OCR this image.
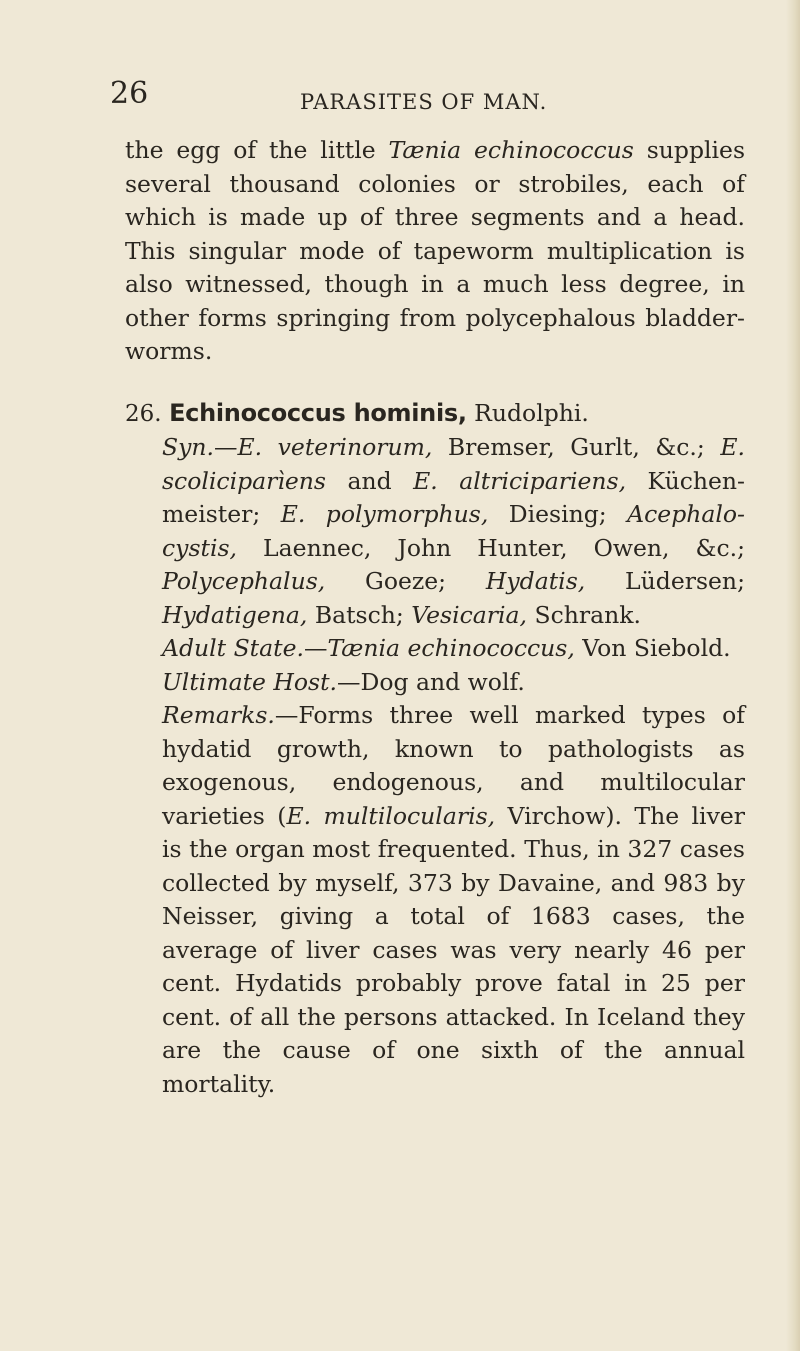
26	PARASITES OF MAN.

the egg of the little Tænia echinococcus supplies several thousand colonies or strobiles, each of which is made up of three segments and a head. This singular mode of tapeworm multiplication is also witnessed, though in a much less degree, in other forms springing from polycephalous bladder-worms.

26. Echinococcus hominis, Rudolphi.

Syn.—E. veterinorum, Bremser, Gurlt, &c.; E. scoliciparìens and E. altricipariens, Küchen-meister; E. polymorphus, Diesing; Acephalo-cystis, Laennec, John Hunter, Owen, &c.; Polycephalus, Goeze; Hydatis, Lüdersen; Hydatigena, Batsch; Vesicaria, Schrank.

Adult State.—Tænia echinococcus, Von Siebold.

Ultimate Host.—Dog and wolf.

Remarks.—Forms three well marked types of hydatid growth, known to pathologists as exogenous, endogenous, and multilocular varieties (E. multilocularis, Virchow). The liver is the organ most frequented. Thus, in 327 cases collected by myself, 373 by Davaine, and 983 by Neisser, giving a total of 1683 cases, the average of liver cases was very nearly 46 per cent. Hydatids probably prove fatal in 25 per cent. of all the persons attacked. In Iceland they are the cause of one sixth of the annual mortality.
